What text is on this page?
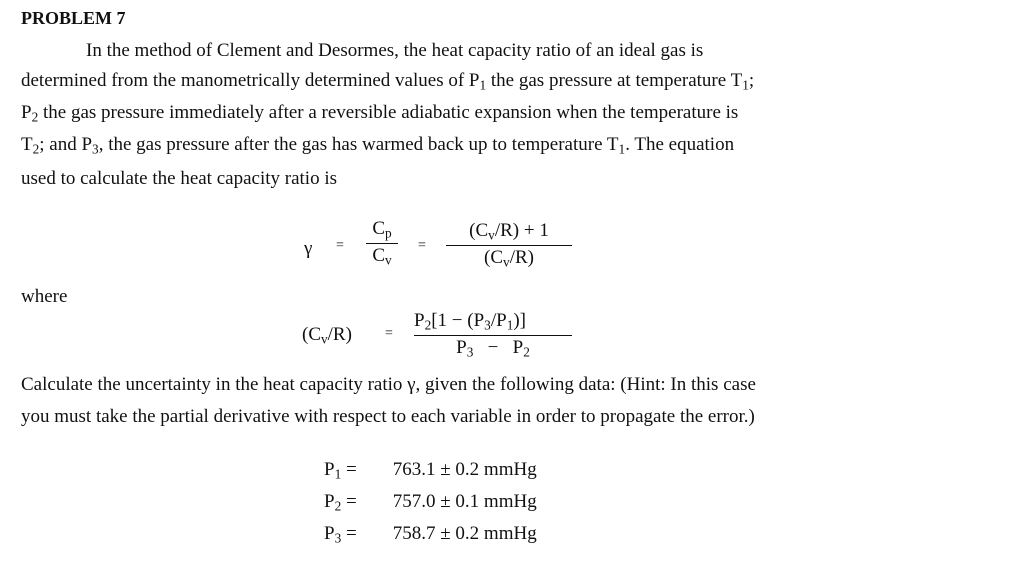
PROBLEM 7
In the method of Clement and Desormes, the heat capacity ratio of an ideal gas is
determined from the manometrically determined values of $P_1$ the gas pressure at temperature $T_1$;
$P_2$ the gas pressure immediately after a reversible adiabatic expansion when the temperature is
$T_2$; and $P_3$, the gas pressure after the gas has warmed back up to temperature $T_1$. The equation
used to calculate the heat capacity ratio is
γ =
$C_p$
$C_v$
=
$(C_v/R) + 1$
$(C_v/R)$
where
$(C_v/R)$ =
$P_2[1 - (P_3/P_1)]$
$P_3 - P_2$
Calculate the uncertainty in the heat capacity ratio γ, given the following data: (Hint: In this case
you must take the partial derivative with respect to each variable in order to propagate the error.)
$P_1 = 763.1 \pm 0.2$ mmHg
$P_2 = 757.0 \pm 0.1$ mmHg
$P_3 = 758.7 \pm 0.2$ mmHg
